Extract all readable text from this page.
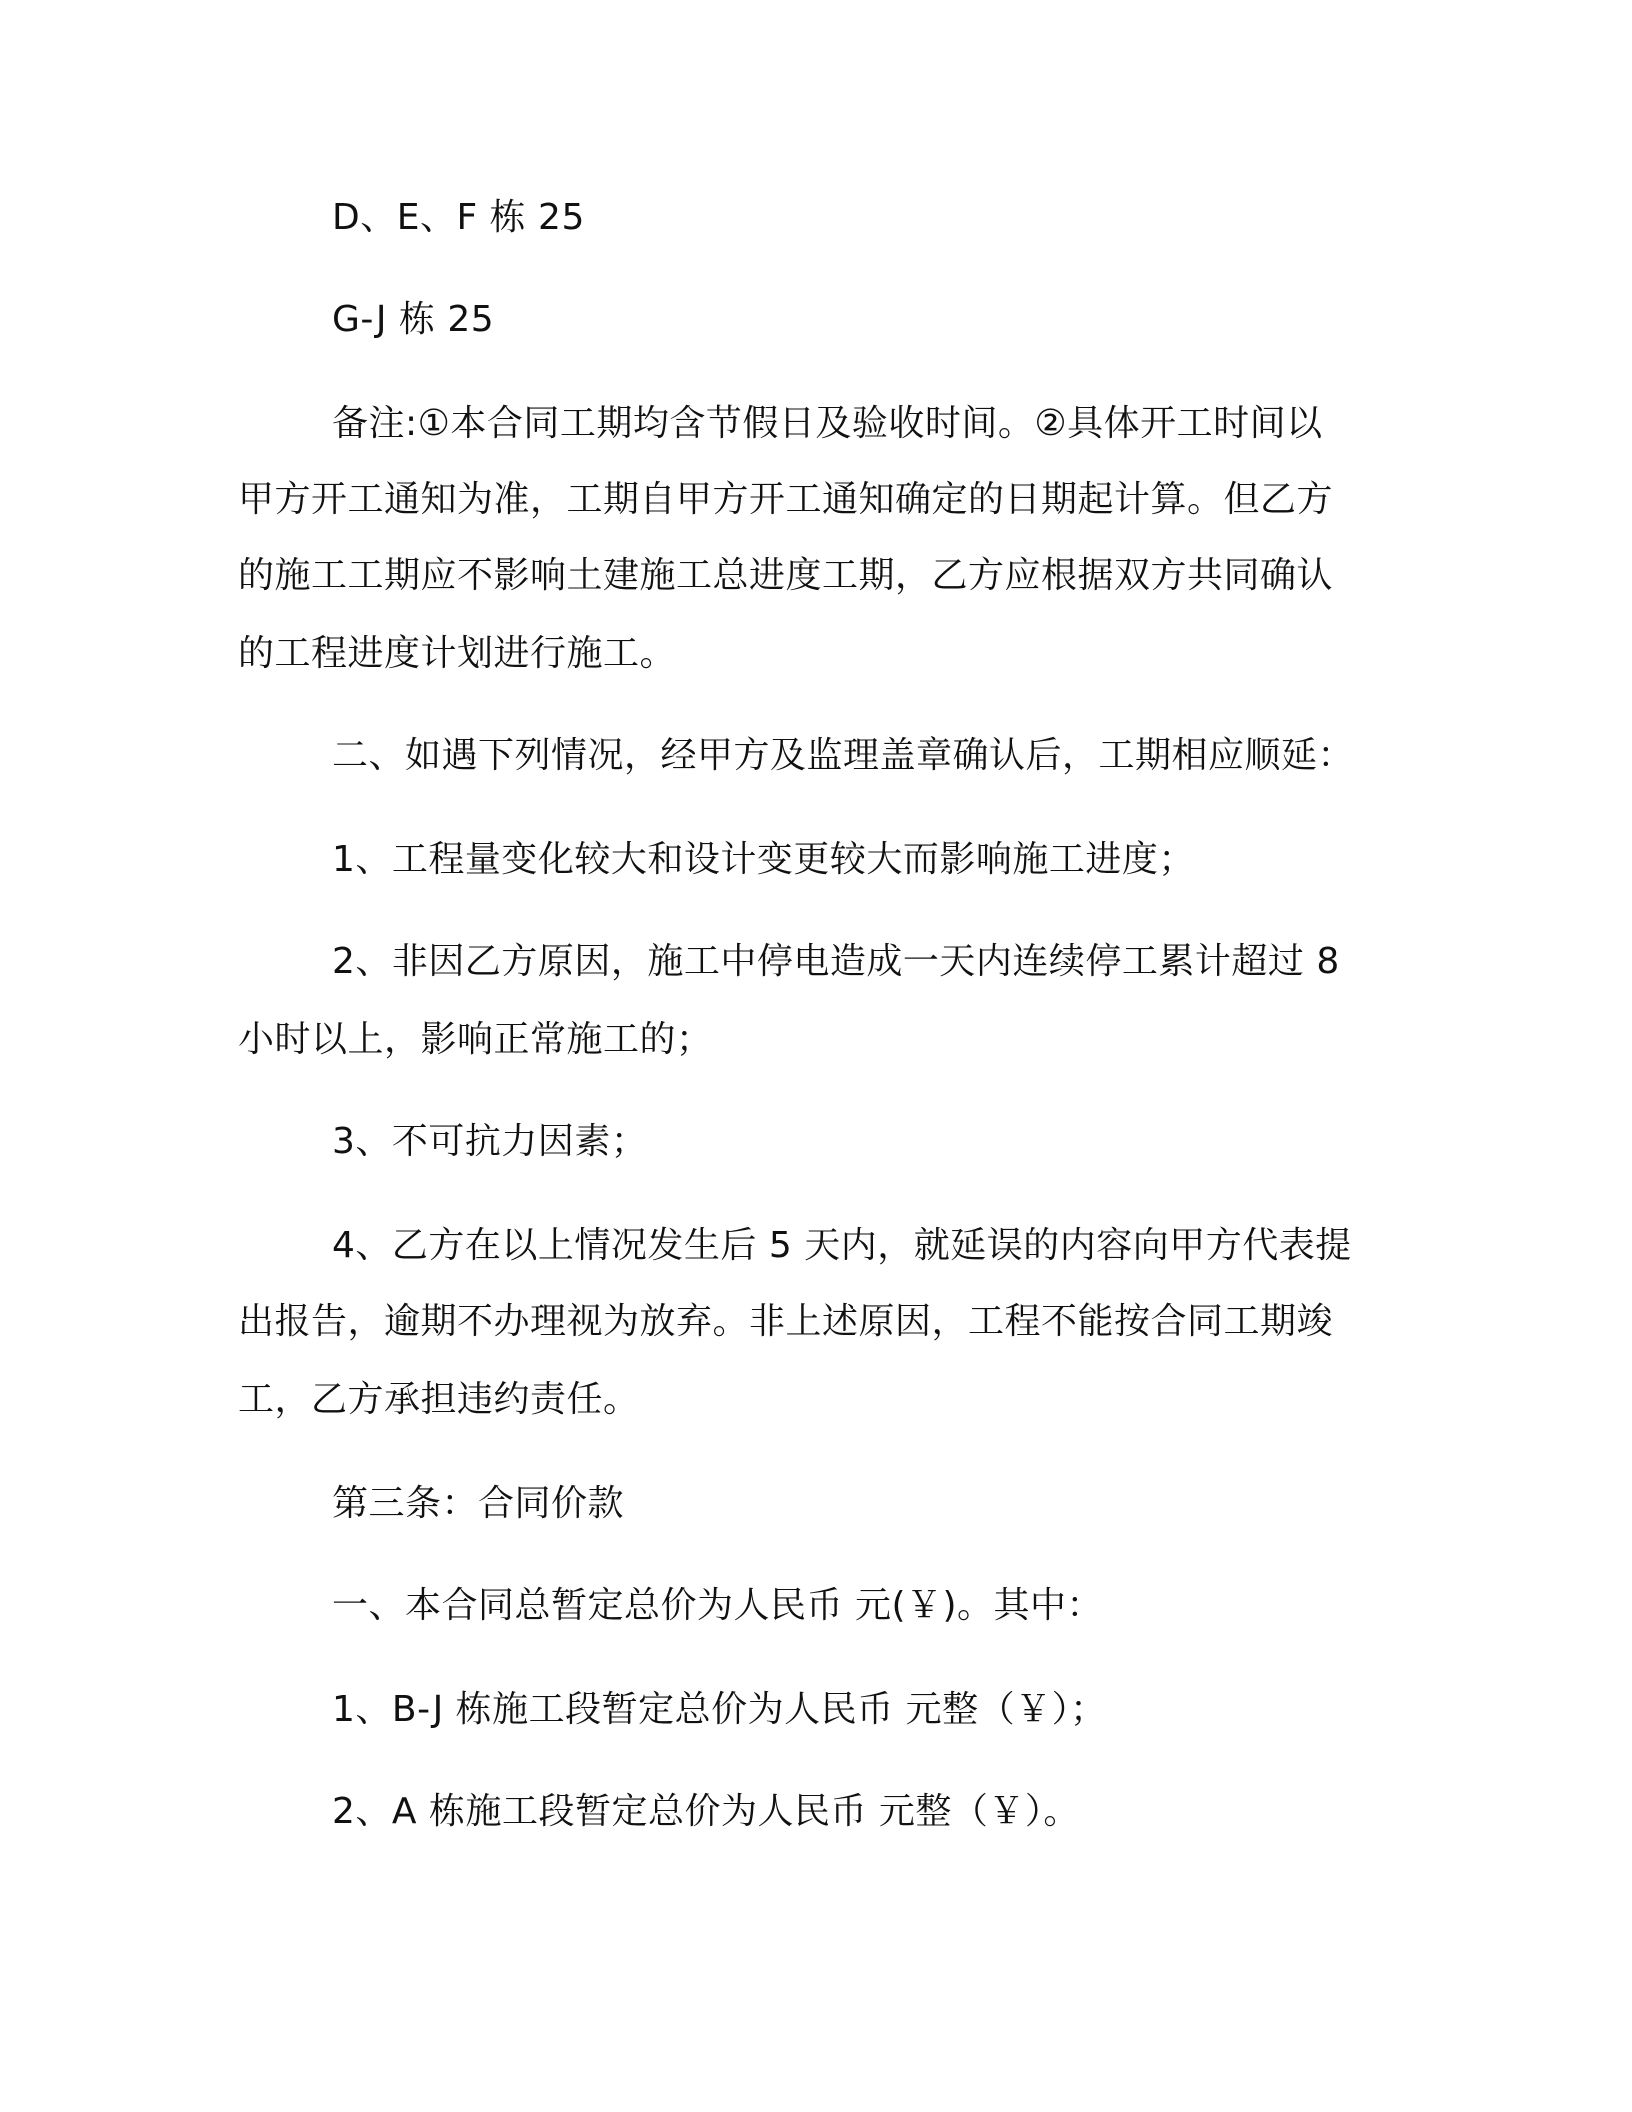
D、E、F 栋 25
G-J 栋 25
备注:①本合同工期均含节假日及验收时间。②具体开工时间以
甲方开工通知为准，工期自甲方开工通知确定的日期起计算。但乙方
的施工工期应不影响土建施工总进度工期，乙方应根据双方共同确认
的工程进度计划进行施工。
二、如遇下列情况，经甲方及监理盖章确认后，工期相应顺延：
1、工程量变化较大和设计变更较大而影响施工进度；
2、非因乙方原因，施工中停电造成一天内连续停工累计超过 8
小时以上，影响正常施工的；
3、不可抗力因素；
4、乙方在以上情况发生后 5 天内，就延误的内容向甲方代表提
出报告，逾期不办理视为放弃。非上述原因，工程不能按合同工期竣
工，乙方承担违约责任。
第三条：合同价款
一、本合同总暂定总价为人民币 元(￥)。其中：
1、B-J 栋施工段暂定总价为人民币 元整（￥）；
2、A 栋施工段暂定总价为人民币 元整（￥）。
